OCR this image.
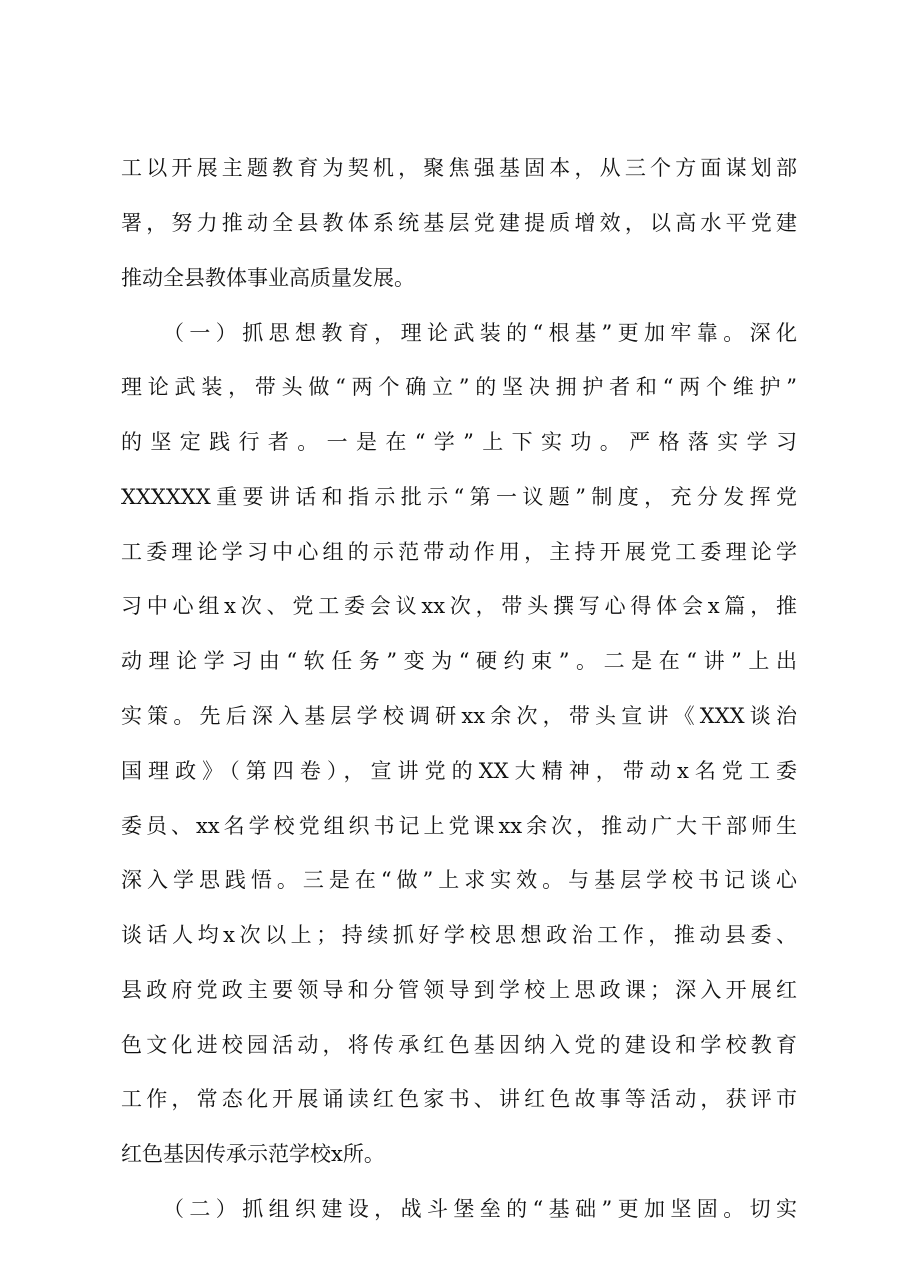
工以开展主题教育为契机，聚焦强基固本，从三个方面谋划部
署，努力推动全县教体系统基层党建提质增效，以高水平党建
推动全县教体事业高质量发展。
（一）抓思想教育，理论武装的“根基”更加牢靠。深化
理论武装，带头做“两个确立”的坚决拥护者和“两个维护”
的坚定践行者。一是在“学”上下实功。严格落实学习
XXXXXX重要讲话和指示批示“第一议题”制度，充分发挥党
工委理论学习中心组的示范带动作用，主持开展党工委理论学
习中心组x次、党工委会议xx次，带头撰写心得体会x篇，推
动理论学习由“软任务”变为“硬约束”。二是在“讲”上出
实策。先后深入基层学校调研xx余次，带头宣讲《XXX谈治
国理政》（第四卷），宣讲党的XX大精神，带动x名党工委
委员、xx名学校党组织书记上党课xx余次，推动广大干部师生
深入学思践悟。三是在“做”上求实效。与基层学校书记谈心
谈话人均x次以上；持续抓好学校思想政治工作，推动县委、
县政府党政主要领导和分管领导到学校上思政课；深入开展红
色文化进校园活动，将传承红色基因纳入党的建设和学校教育
工作，常态化开展诵读红色家书、讲红色故事等活动，获评市
红色基因传承示范学校x所。
（二）抓组织建设，战斗堡垒的“基础”更加坚固。切实
